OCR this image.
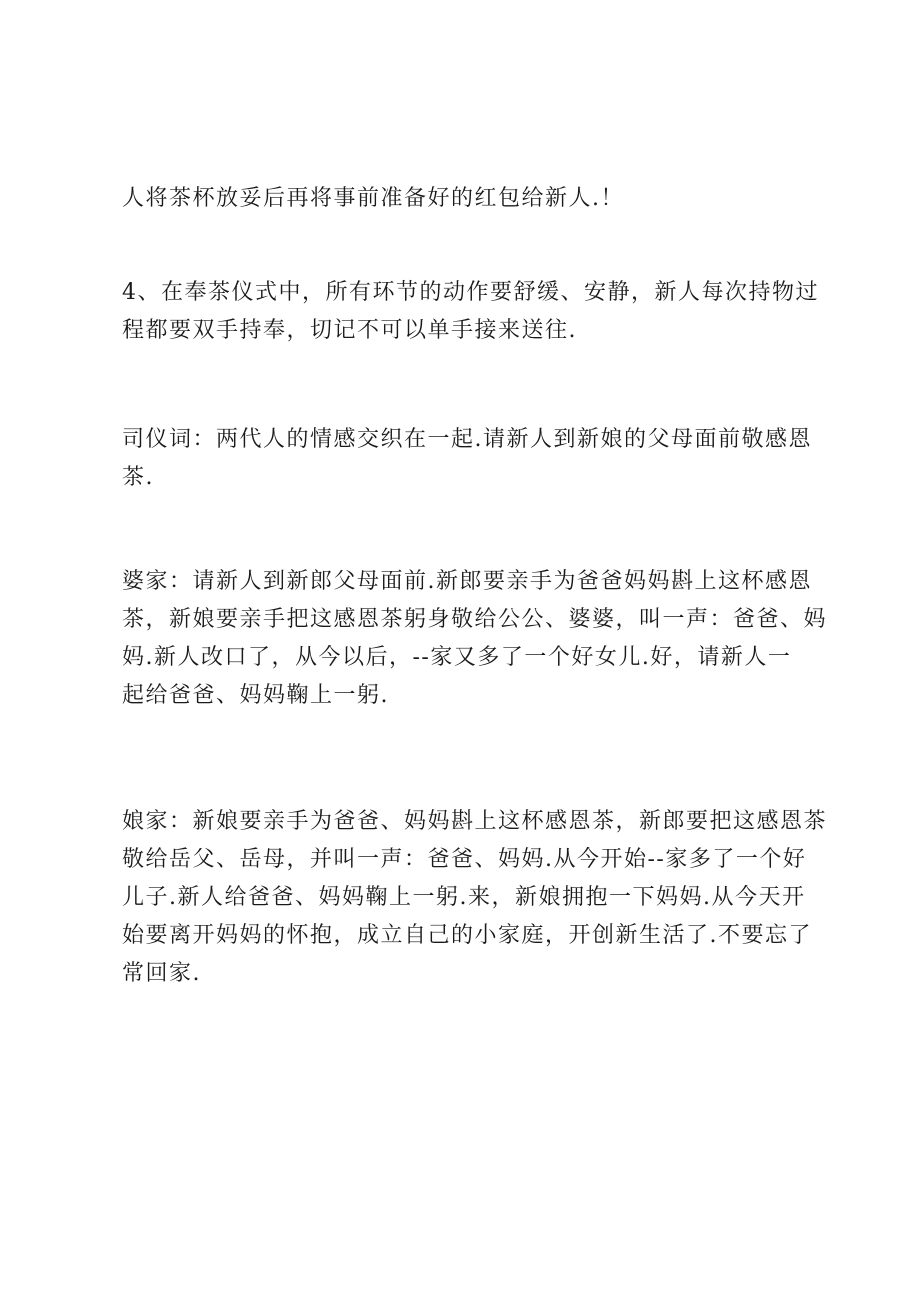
人将茶杯放妥后再将事前准备好的红包给新人.！

4、在奉茶仪式中，所有环节的动作要舒缓、安静，新人每次持物过
程都要双手持奉，切记不可以单手接来送往.

司仪词：两代人的情感交织在一起.请新人到新娘的父母面前敬感恩
茶.

婆家：请新人到新郎父母面前.新郎要亲手为爸爸妈妈斟上这杯感恩
茶，新娘要亲手把这感恩茶躬身敬给公公、婆婆，叫一声：爸爸、妈
妈.新人改口了，从今以后，--家又多了一个好女儿.好，请新人一
起给爸爸、妈妈鞠上一躬.

娘家：新娘要亲手为爸爸、妈妈斟上这杯感恩茶，新郎要把这感恩茶
敬给岳父、岳母，并叫一声：爸爸、妈妈.从今开始--家多了一个好
儿子.新人给爸爸、妈妈鞠上一躬.来，新娘拥抱一下妈妈.从今天开
始要离开妈妈的怀抱，成立自己的小家庭，开创新生活了.不要忘了
常回家.
